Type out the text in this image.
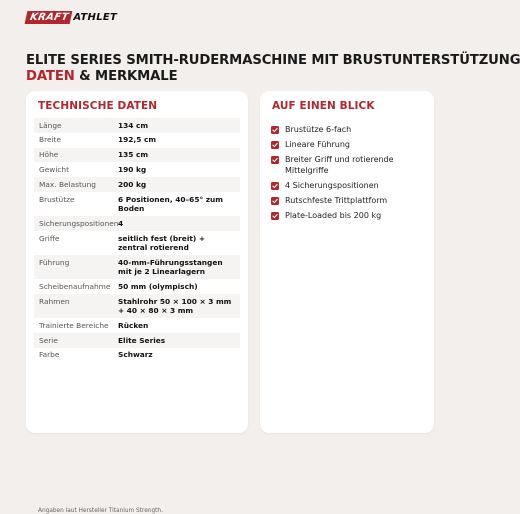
KRAFT ATHLET
ELITE SERIES SMITH-RUDERMASCHINE MIT BRUSTUNTERSTÜTZUNG
DATEN & MERKMALE
TECHNISCHE DATEN
Länge	134 cm
Breite	192,5 cm
Höhe	135 cm
Gewicht	190 kg
Max. Belastung	200 kg
Brustütze	6 Positionen, 40–65° zum Boden
Sicherungspositionen 4
Griffe	seitlich fest (breit) + zentral rotierend
Führung	40-mm-Führungsstangen mit je 2 Linearlagern
Scheibenaufnahme	50 mm (olympisch)
Rahmen	Stahlrohr 50 × 100 × 3 mm + 40 × 80 × 3 mm
Trainierte Bereiche	Rücken
Serie	Elite Series
Farbe	Schwarz
Angaben laut Hersteller Titanium Strength.
AUF EINEN BLICK
Brustütze 6-fach
Lineare Führung
Breiter Griff und rotierende Mittelgriffe
4 Sicherungspositionen
Rutschfeste Trittplattform
Plate-Loaded bis 200 kg
